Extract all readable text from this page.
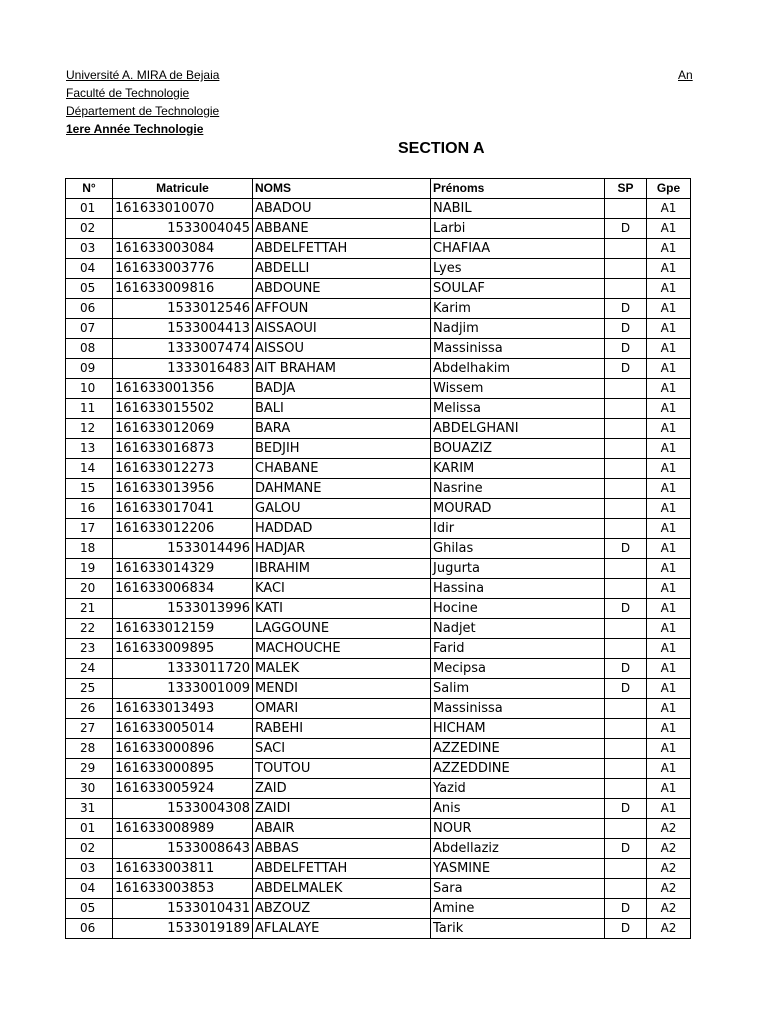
Université A. MIRA de Bejaia
Faculté de Technologie
Département de Technologie
1ere Année Technologie
An
SECTION A
N°	Matricule	NOMS	Prénoms	SP	Gpe
01	161633010070	ABADOU	NABIL		A1
02	1533004045	ABBANE	Larbi	D	A1
03	161633003084	ABDELFETTAH	CHAFIAA		A1
04	161633003776	ABDELLI	Lyes		A1
05	161633009816	ABDOUNE	SOULAF		A1
06	1533012546	AFFOUN	Karim	D	A1
07	1533004413	AISSAOUI	Nadjim	D	A1
08	1333007474	AISSOU	Massinissa	D	A1
09	1333016483	AIT BRAHAM	Abdelhakim	D	A1
10	161633001356	BADJA	Wissem		A1
11	161633015502	BALI	Melissa		A1
12	161633012069	BARA	ABDELGHANI		A1
13	161633016873	BEDJIH	BOUAZIZ		A1
14	161633012273	CHABANE	KARIM		A1
15	161633013956	DAHMANE	Nasrine		A1
16	161633017041	GALOU	MOURAD		A1
17	161633012206	HADDAD	Idir		A1
18	1533014496	HADJAR	Ghilas	D	A1
19	161633014329	IBRAHIM	Jugurta		A1
20	161633006834	KACI	Hassina		A1
21	1533013996	KATI	Hocine	D	A1
22	161633012159	LAGGOUNE	Nadjet		A1
23	161633009895	MACHOUCHE	Farid		A1
24	1333011720	MALEK	Mecipsa	D	A1
25	1333001009	MENDI	Salim	D	A1
26	161633013493	OMARI	Massinissa		A1
27	161633005014	RABEHI	HICHAM		A1
28	161633000896	SACI	AZZEDINE		A1
29	161633000895	TOUTOU	AZZEDDINE		A1
30	161633005924	ZAID	Yazid		A1
31	1533004308	ZAIDI	Anis	D	A1
01	161633008989	ABAIR	NOUR		A2
02	1533008643	ABBAS	Abdellaziz	D	A2
03	161633003811	ABDELFETTAH	YASMINE		A2
04	161633003853	ABDELMALEK	Sara		A2
05	1533010431	ABZOUZ	Amine	D	A2
06	1533019189	AFLALAYE	Tarik	D	A2
